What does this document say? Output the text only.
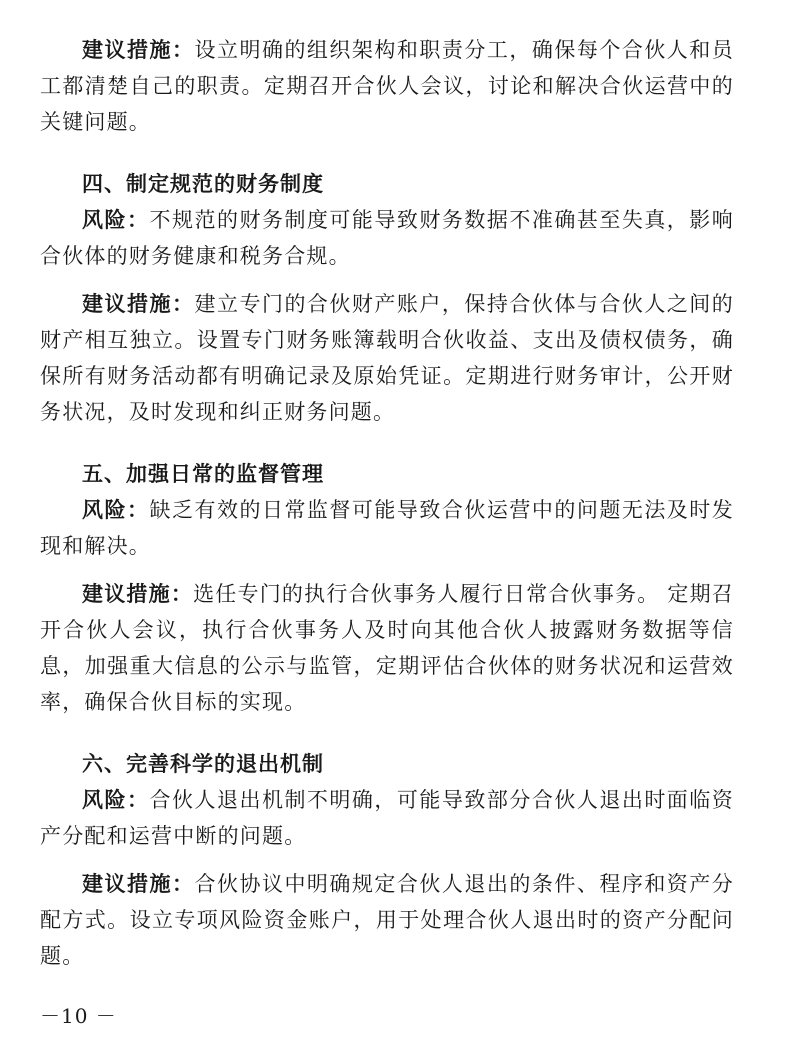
建议措施：设立明确的组织架构和职责分工，确保每个合伙人和员工都清楚自己的职责。定期召开合伙人会议，讨论和解决合伙运营中的关键问题。

四、制定规范的财务制度

风险：不规范的财务制度可能导致财务数据不准确甚至失真，影响合伙体的财务健康和税务合规。

建议措施：建立专门的合伙财产账户，保持合伙体与合伙人之间的财产相互独立。设置专门财务账簿载明合伙收益、支出及债权债务，确保所有财务活动都有明确记录及原始凭证。定期进行财务审计，公开财务状况，及时发现和纠正财务问题。

五、加强日常的监督管理

风险：缺乏有效的日常监督可能导致合伙运营中的问题无法及时发现和解决。

建议措施：选任专门的执行合伙事务人履行日常合伙事务。 定期召开合伙人会议，执行合伙事务人及时向其他合伙人披露财务数据等信息，加强重大信息的公示与监管，定期评估合伙体的财务状况和运营效率，确保合伙目标的实现。

六、完善科学的退出机制

风险：合伙人退出机制不明确，可能导致部分合伙人退出时面临资产分配和运营中断的问题。

建议措施：合伙协议中明确规定合伙人退出的条件、程序和资产分配方式。设立专项风险资金账户，用于处理合伙人退出时的资产分配问题。

－10 －
